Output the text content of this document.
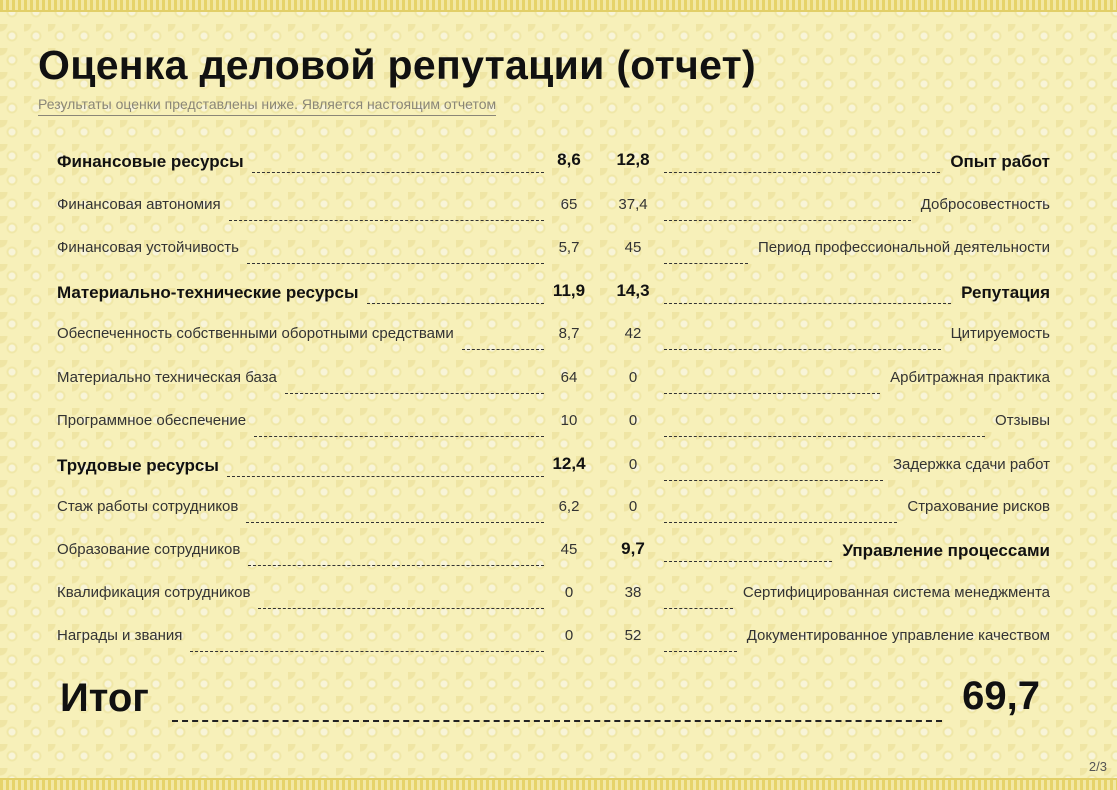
Оценка деловой репутации (отчет)
Результаты оценки представлены ниже. Является настоящим отчетом
Финансовые ресурсы	8,6	12,8	Опыт работ
Финансовая автономия	65	37,4	Добросовестность
Финансовая устойчивость	5,7	45	Период профессиональной деятельности
Материально-технические ресурсы	11,9	14,3	Репутация
Обеспеченность собственными оборотными средствами	8,7	42	Цитируемость
Материально техническая база	64	0	Арбитражная практика
Программное обеспечение	10	0	Отзывы
Трудовые ресурсы	12,4	0	Задержка сдачи работ
Стаж работы сотрудников	6,2	0	Страхование рисков
Образование сотрудников	45	9,7	Управление процессами
Квалификация сотрудников	0	38	Сертифицированная система менеджмента
Награды и звания	0	52	Документированное управление качеством
Итог	69,7
2/3
